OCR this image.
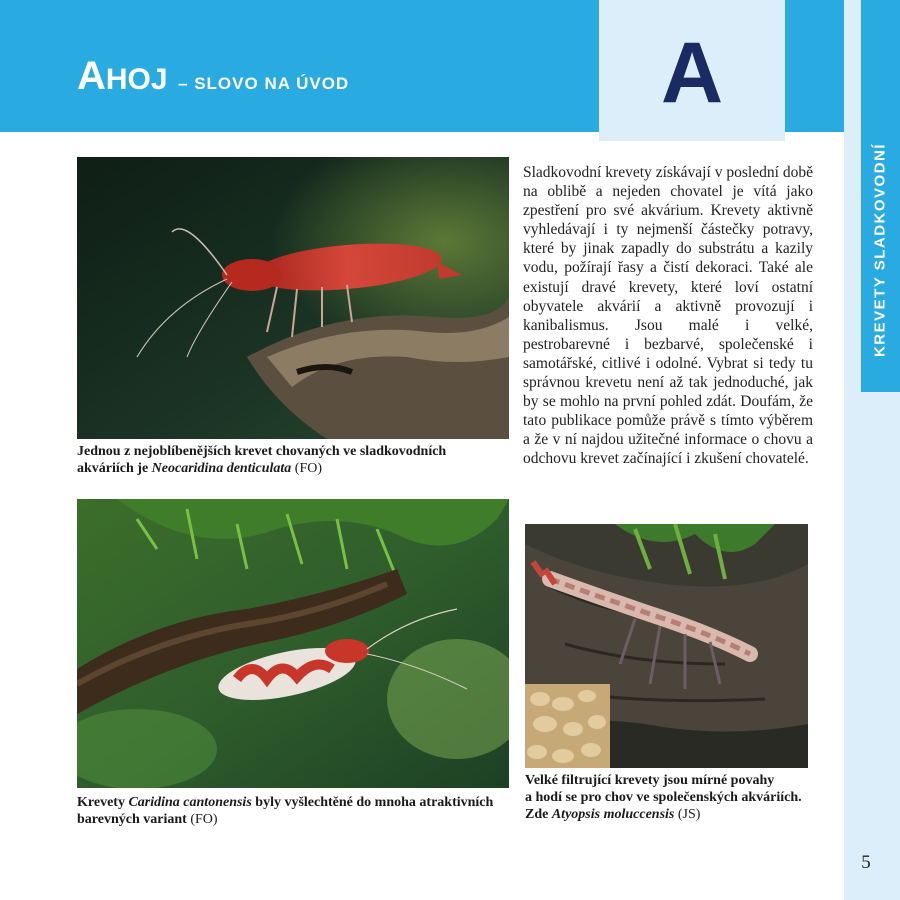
AHOJ – SLOVO NA ÚVOD	A
KREVETY SLADKOVODNÍ
Jednou z nejoblíbenějších krevet chovaných ve sladkovodních
akváriích je Neocaridina denticulata (FO)
Krevety Caridina cantonensis byly vyšlechtěné do mnoha atraktivních
barevných variant (FO)
Sladkovodní krevety získávají v poslední době na oblibě a nejeden chovatel je vítá jako zpestření pro své akvárium. Krevety aktivně vyhledávají i ty nejmenší částečky potravy, které by jinak zapadly do substrátu a kazily vodu, požírají řasy a čistí dekoraci. Také ale existují dravé krevety, které loví ostatní obyvatele akvárií a aktivně provozují i kanibalismus. Jsou malé i velké, pestrobarevné i bezbarvé, společenské i samotářské, citlivé i odolné. Vybrat si tedy tu správnou krevetu není až tak jednoduché, jak by se mohlo na první pohled zdát. Doufám, že tato publikace pomůže právě s tímto výběrem a že v ní najdou užitečné informace o chovu a odchovu krevet začínající i zkušení chovatelé.
Velké filtrující krevety jsou mírné povahy
a hodí se pro chov ve společenských akváriích.
Zde Atyopsis moluccensis (JS)
5
